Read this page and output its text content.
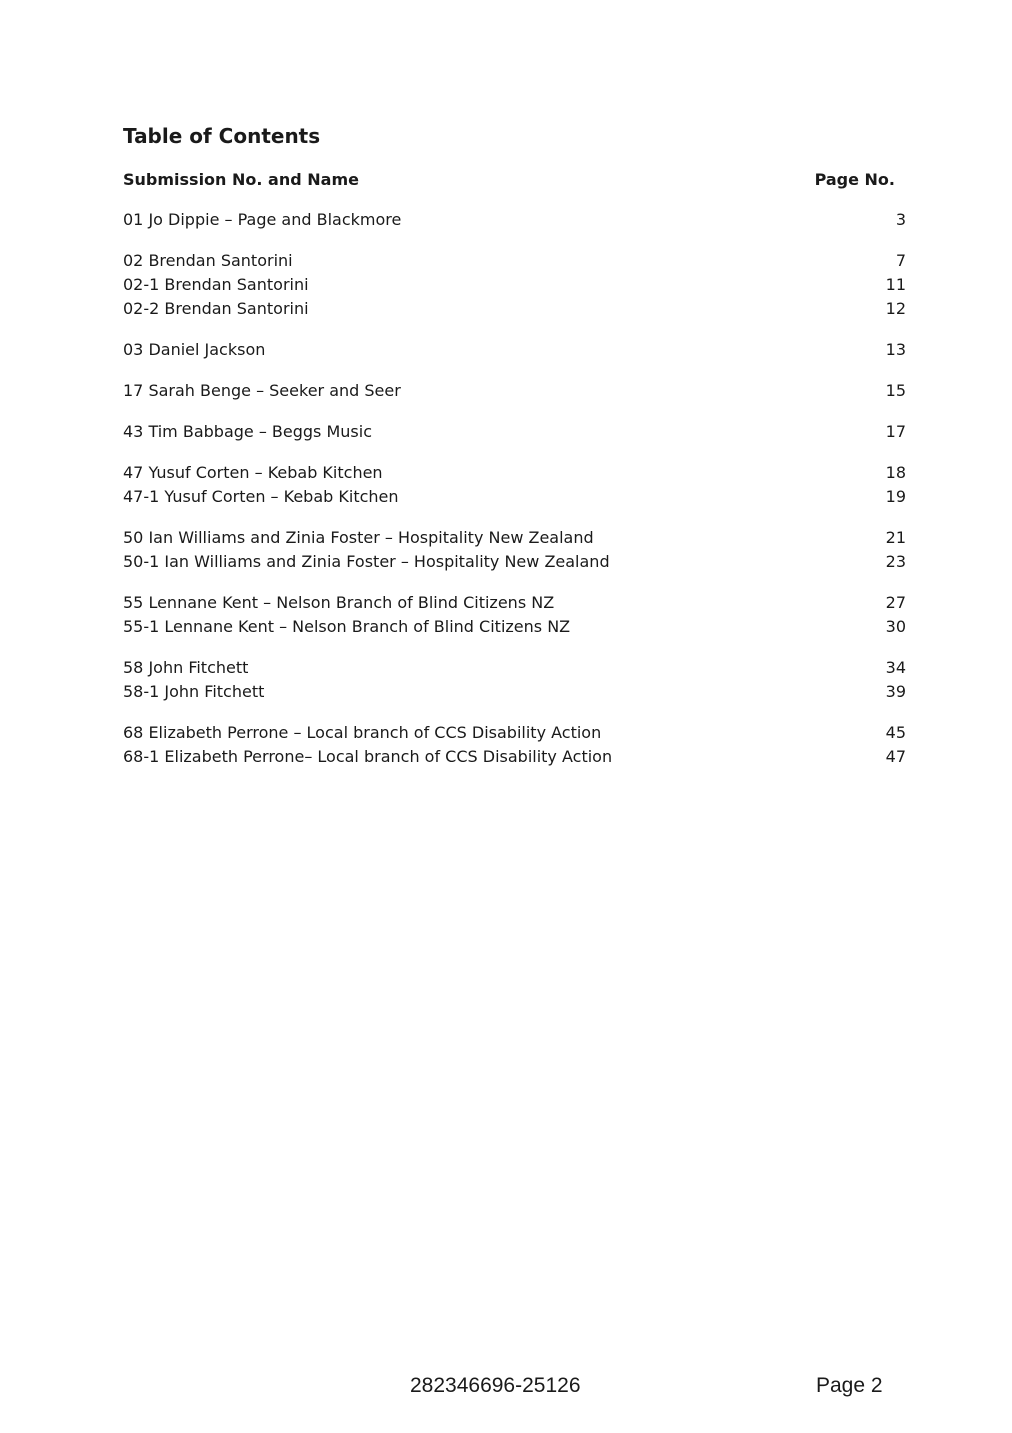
Table of Contents
Submission No. and Name	Page No.
01 Jo Dippie – Page and Blackmore	3
02 Brendan Santorini	7
02-1 Brendan Santorini	11
02-2 Brendan Santorini	12
03 Daniel Jackson	13
17 Sarah Benge – Seeker and Seer	15
43 Tim Babbage – Beggs Music	17
47 Yusuf Corten – Kebab Kitchen	18
47-1 Yusuf Corten – Kebab Kitchen	19
50 Ian Williams and Zinia Foster – Hospitality New Zealand	21
50-1 Ian Williams and Zinia Foster – Hospitality New Zealand	23
55 Lennane Kent – Nelson Branch of Blind Citizens NZ	27
55-1 Lennane Kent – Nelson Branch of Blind Citizens NZ	30
58 John Fitchett	34
58-1 John Fitchett	39
68 Elizabeth Perrone – Local branch of CCS Disability Action	45
68-1 Elizabeth Perrone– Local branch of CCS Disability Action	47
282346696-25126	Page 2
